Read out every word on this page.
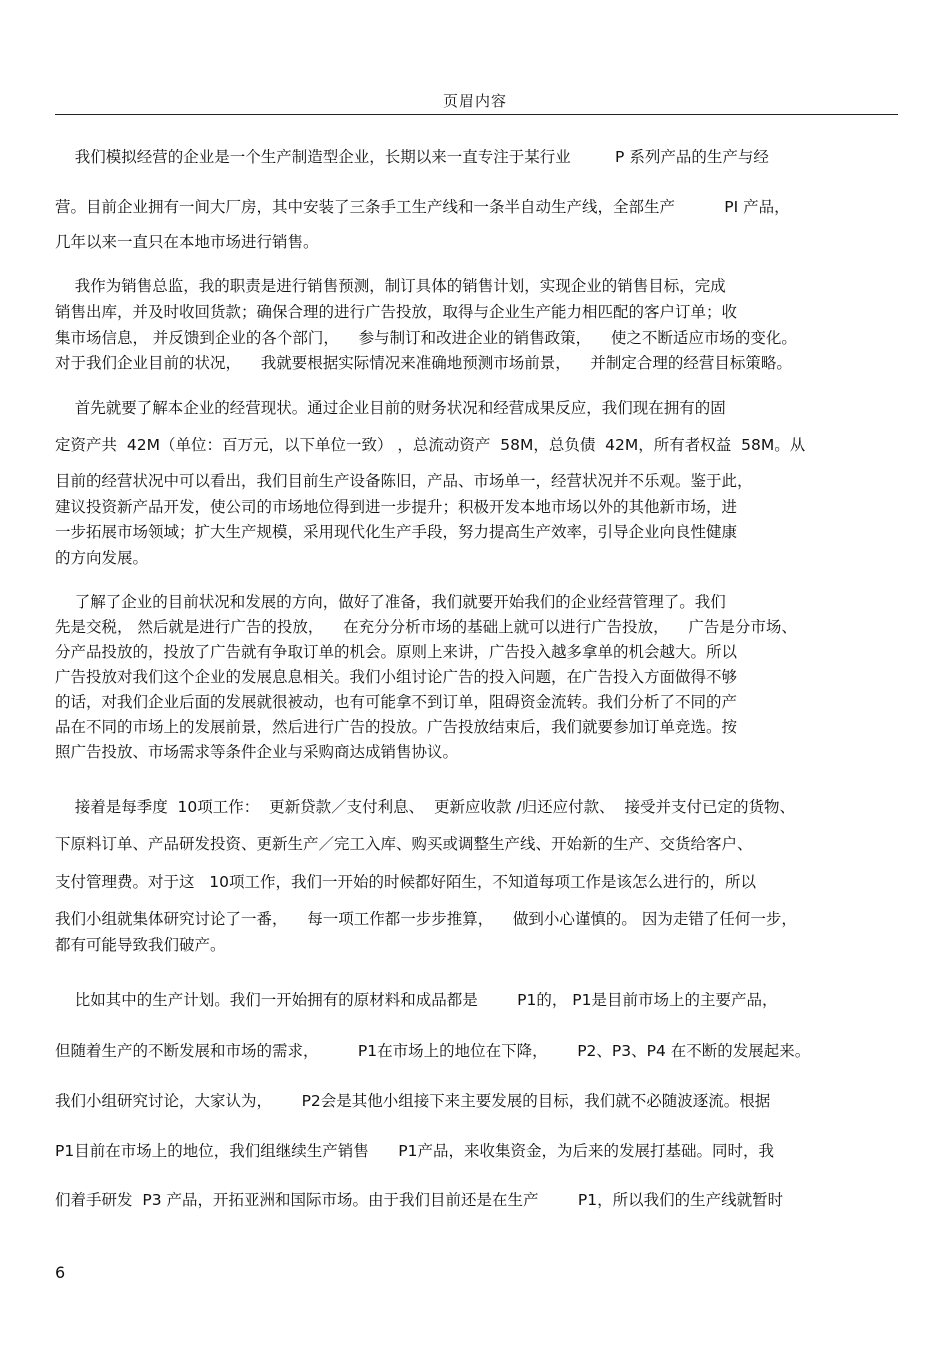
页眉内容
我们模拟经营的企业是一个生产制造型企业，长期以来一直专注于某行业         P 系列产品的生产与经
营。目前企业拥有一间大厂房，其中安装了三条手工生产线和一条半自动生产线，全部生产          PI 产品，
几年以来一直只在本地市场进行销售。
我作为销售总监，我的职责是进行销售预测，制订具体的销售计划，实现企业的销售目标，完成
销售出库，并及时收回货款；确保合理的进行广告投放，取得与企业生产能力相匹配的客户订单；收
集市场信息， 并反馈到企业的各个部门，    参与制订和改进企业的销售政策，    使之不断适应市场的变化。
对于我们企业目前的状况，    我就要根据实际情况来准确地预测市场前景，    并制定合理的经营目标策略。
首先就要了解本企业的经营现状。通过企业目前的财务状况和经营成果反应，我们现在拥有的固
定资产共  42M（单位：百万元，以下单位一致） ，总流动资产  58M，总负债  42M，所有者权益  58M。从
目前的经营状况中可以看出，我们目前生产设备陈旧，产品、市场单一，经营状况并不乐观。鉴于此，
建议投资新产品开发，使公司的市场地位得到进一步提升；积极开发本地市场以外的其他新市场，进
一步拓展市场领域；扩大生产规模，采用现代化生产手段，努力提高生产效率，引导企业向良性健康
的方向发展。
了解了企业的目前状况和发展的方向，做好了准备，我们就要开始我们的企业经营管理了。我们
先是交税， 然后就是进行广告的投放，    在充分分析市场的基础上就可以进行广告投放，    广告是分市场、
分产品投放的，投放了广告就有争取订单的机会。原则上来讲，广告投入越多拿单的机会越大。所以
广告投放对我们这个企业的发展息息相关。我们小组讨论广告的投入问题，在广告投入方面做得不够
的话，对我们企业后面的发展就很被动，也有可能拿不到订单，阻碍资金流转。我们分析了不同的产
品在不同的市场上的发展前景，然后进行广告的投放。广告投放结束后，我们就要参加订单竞选。按
照广告投放、市场需求等条件企业与采购商达成销售协议。
接着是每季度  10项工作：  更新贷款／支付利息、  更新应收款 /归还应付款、  接受并支付已定的货物、
下原料订单、产品研发投资、更新生产／完工入库、购买或调整生产线、开始新的生产、交货给客户、
支付管理费。对于这   10项工作，我们一开始的时候都好陌生，不知道每项工作是该怎么进行的，所以
我们小组就集体研究讨论了一番，    每一项工作都一步步推算，    做到小心谨慎的。 因为走错了任何一步，
都有可能导致我们破产。
比如其中的生产计划。我们一开始拥有的原材料和成品都是        P1的， P1是目前市场上的主要产品，
但随着生产的不断发展和市场的需求，        P1在市场上的地位在下降，      P2、P3、P4 在不断的发展起来。
我们小组研究讨论，大家认为，      P2会是其他小组接下来主要发展的目标，我们就不必随波逐流。根据
P1目前在市场上的地位，我们组继续生产销售      P1产品，来收集资金，为后来的发展打基础。同时，我
们着手研发  P3 产品，开拓亚洲和国际市场。由于我们目前还是在生产        P1，所以我们的生产线就暂时
6
